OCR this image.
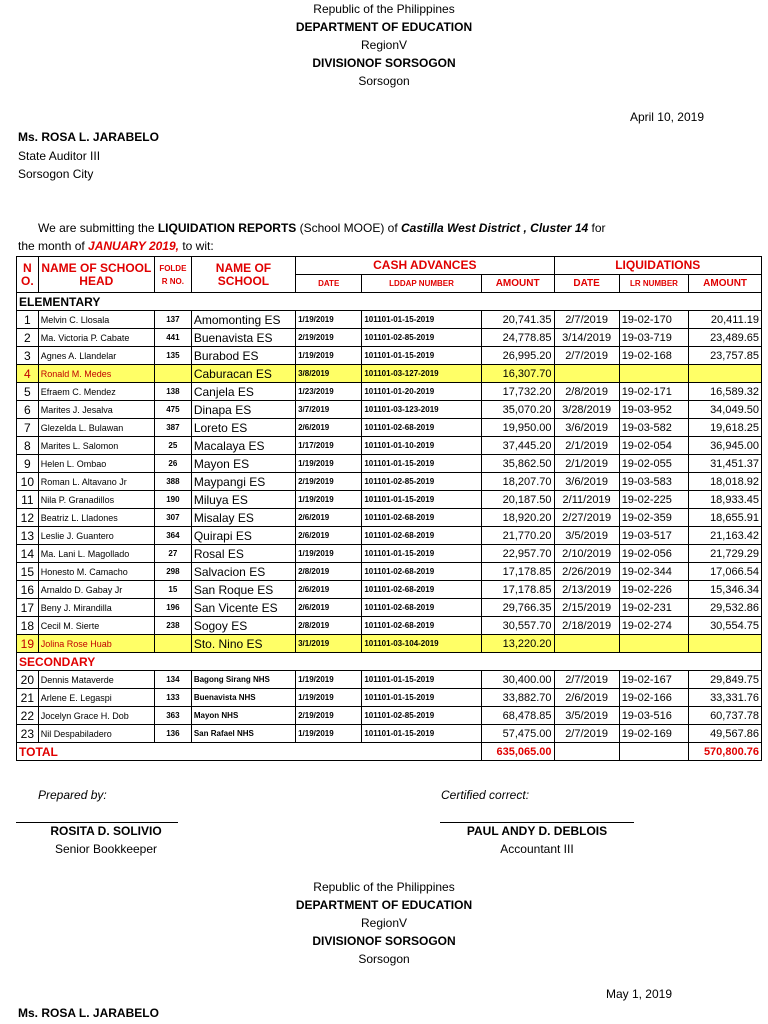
Republic of the Philippines
DEPARTMENT OF EDUCATION
RegionV
DIVISIONOF SORSOGON
Sorsogon
April 10, 2019
Ms. ROSA L. JARABELO
State Auditor III
Sorsogon City
We are submitting the LIQUIDATION REPORTS (School MOOE) of Castilla West District , Cluster 14 for
the month of JANUARY 2019, to wit:
N O.	NAME OF SCHOOL HEAD	FOLDE R NO.	NAME OF SCHOOL	CASH ADVANCES			LIQUIDATIONS		
				DATE	LDDAP NUMBER	AMOUNT	DATE	LR NUMBER	AMOUNT
ELEMENTARY									
1	Melvin C. Llosala	137	Amomonting ES	1/19/2019	101101-01-15-2019	20,741.35	2/7/2019	19-02-170	20,411.19
2	Ma. Victoria P. Cabate	441	Buenavista ES	2/19/2019	101101-02-85-2019	24,778.85	3/14/2019	19-03-719	23,489.65
3	Agnes A. Llandelar	135	Burabod ES	1/19/2019	101101-01-15-2019	26,995.20	2/7/2019	19-02-168	23,757.85
4	Ronald M. Medes		Caburacan ES	3/8/2019	101101-03-127-2019	16,307.70			
5	Efraem C. Mendez	138	Canjela ES	1/23/2019	101101-01-20-2019	17,732.20	2/8/2019	19-02-171	16,589.32
6	Marites J. Jesalva	475	Dinapa ES	3/7/2019	101101-03-123-2019	35,070.20	3/28/2019	19-03-952	34,049.50
7	Glezelda L. Bulawan	387	Loreto ES	2/6/2019	101101-02-68-2019	19,950.00	3/6/2019	19-03-582	19,618.25
8	Marites L. Salomon	25	Macalaya ES	1/17/2019	101101-01-10-2019	37,445.20	2/1/2019	19-02-054	36,945.00
9	Helen L. Ombao	26	Mayon ES	1/19/2019	101101-01-15-2019	35,862.50	2/1/2019	19-02-055	31,451.37
10	Roman L. Altavano Jr	388	Maypangi ES	2/19/2019	101101-02-85-2019	18,207.70	3/6/2019	19-03-583	18,018.92
11	Nila P. Granadillos	190	Miluya ES	1/19/2019	101101-01-15-2019	20,187.50	2/11/2019	19-02-225	18,933.45
12	Beatriz L. Lladones	307	Misalay ES	2/6/2019	101101-02-68-2019	18,920.20	2/27/2019	19-02-359	18,655.91
13	Leslie J. Guantero	364	Quirapi ES	2/6/2019	101101-02-68-2019	21,770.20	3/5/2019	19-03-517	21,163.42
14	Ma. Lani L. Magollado	27	Rosal ES	1/19/2019	101101-01-15-2019	22,957.70	2/10/2019	19-02-056	21,729.29
15	Honesto M. Camacho	298	Salvacion ES	2/8/2019	101101-02-68-2019	17,178.85	2/26/2019	19-02-344	17,066.54
16	Arnaldo D. Gabay Jr	15	San Roque ES	2/6/2019	101101-02-68-2019	17,178.85	2/13/2019	19-02-226	15,346.34
17	Beny J. Mirandilla	196	San Vicente ES	2/6/2019	101101-02-68-2019	29,766.35	2/15/2019	19-02-231	29,532.86
18	Cecil M. Sierte	238	Sogoy ES	2/8/2019	101101-02-68-2019	30,557.70	2/18/2019	19-02-274	30,554.75
19	Jolina Rose Huab		Sto. Nino ES	3/1/2019	101101-03-104-2019	13,220.20			
SECONDARY									
20	Dennis Mataverde	134	Bagong Sirang NHS	1/19/2019	101101-01-15-2019	30,400.00	2/7/2019	19-02-167	29,849.75
21	Arlene E. Legaspi	133	Buenavista NHS	1/19/2019	101101-01-15-2019	33,882.70	2/6/2019	19-02-166	33,331.76
22	Jocelyn Grace H. Dob	363	Mayon NHS	2/19/2019	101101-02-85-2019	68,478.85	3/5/2019	19-03-516	60,737.78
23	Nil Despabiladero	136	San Rafael NHS	1/19/2019	101101-01-15-2019	57,475.00	2/7/2019	19-02-169	49,567.86
TOTAL						635,065.00			570,800.76
Prepared by:	Certified correct:
ROSITA D. SOLIVIO
Senior Bookkeeper
PAUL ANDY D. DEBLOIS
Accountant III
Republic of the Philippines
DEPARTMENT OF EDUCATION
RegionV
DIVISIONOF SORSOGON
Sorsogon
May 1, 2019
Ms. ROSA L. JARABELO
